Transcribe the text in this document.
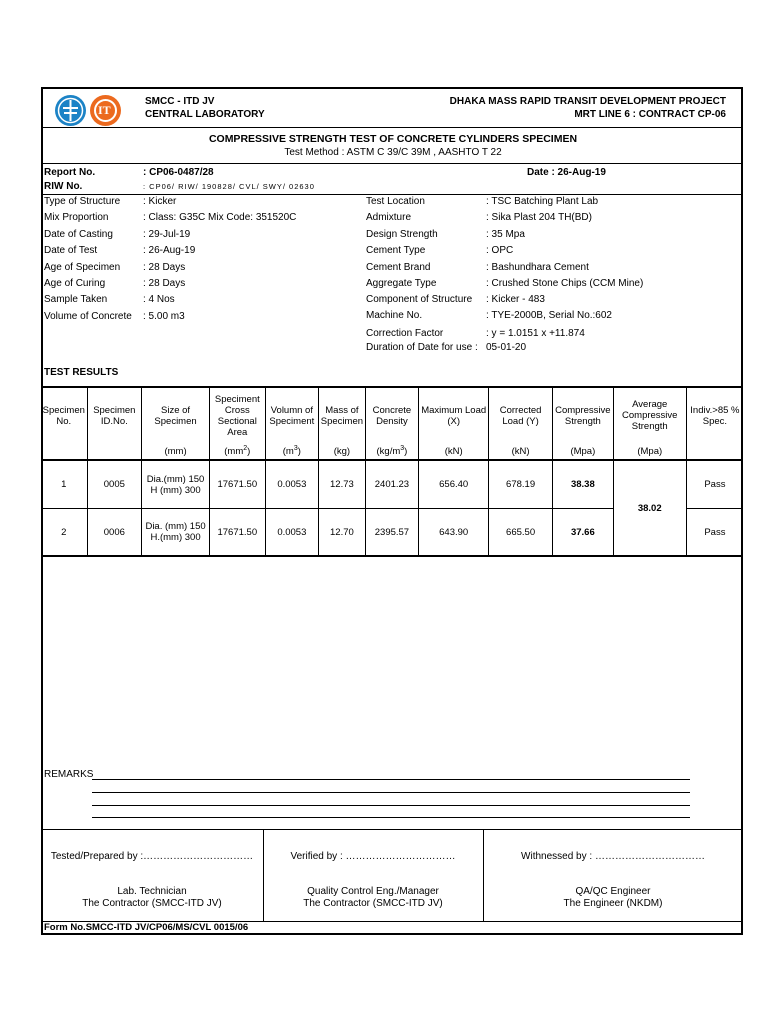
IT
SMCC - ITD JV
CENTRAL LABORATORY
DHAKA MASS RAPID TRANSIT DEVELOPMENT PROJECT
MRT LINE 6 : CONTRACT CP-06
COMPRESSIVE STRENGTH TEST OF CONCRETE CYLINDERS SPECIMEN
Test Method : ASTM C 39/C 39M , AASHTO T 22
Report No.	: CP06-0487/28	Date : 26-Aug-19
RIW No.	: CP06/ RIW/ 190828/ CVL/ SWY/ 02630
Type of Structure : Kicker
Mix Proportion	: Class: G35C Mix Code: 351520C
Date of Casting	: 29-Jul-19
Date of Test	: 26-Aug-19
Age of Specimen : 28 Days
Age of Curing	: 28 Days
Sample Taken	: 4 Nos
Volume of Concrete : 5.00 m3
Test Location	: TSC Batching Plant Lab
Admixture	: Sika Plast 204 TH(BD)
Design Strength	: 35 Mpa
Cement Type	: OPC
Cement Brand	: Bashundhara Cement
Aggregate Type	: Crushed Stone Chips (CCM Mine)
Component of Structure : Kicker - 483
Machine No.	: TYE-2000B, Serial No.:602
Correction Factor	: y = 1.0151 x +11.874
Duration of Date for use : 05-01-20
TEST RESULTS
Specimen No.	Specimen ID.No.	Size of Specimen	Speciment Cross Sectional Area	Volumn of Speciment	Mass of Specimen	Concrete Density	Maximum Load (X)	Corrected Load (Y)	Compressive Strength	Average Compressive Strength	Indiv.>85 % Spec.
		(mm)	$(mm^2)$	$(m^3)$	(kg)	$(kg/m^3)$	(kN)	(kN)	(Mpa)	(Mpa)	
1	0005	Dia.(mm) 150 H (mm) 300	17671.50	0.0053	12.73	2401.23	656.40	678.19	38.38	38.02	Pass
2	0006	Dia. (mm) 150 H.(mm) 300	17671.50	0.0053	12.70	2395.57	643.90	665.50	37.66		Pass
REMARKS
Tested/Prepared by :……………………………
Lab. Technician
The Contractor (SMCC-ITD JV)
Verified by : ……………………………
Quality Control Eng./Manager
The Contractor (SMCC-ITD JV)
Withnessed by : ……………………………
QA/QC Engineer
The Engineer (NKDM)
Form No.SMCC-ITD JV/CP06/MS/CVL 0015/06
